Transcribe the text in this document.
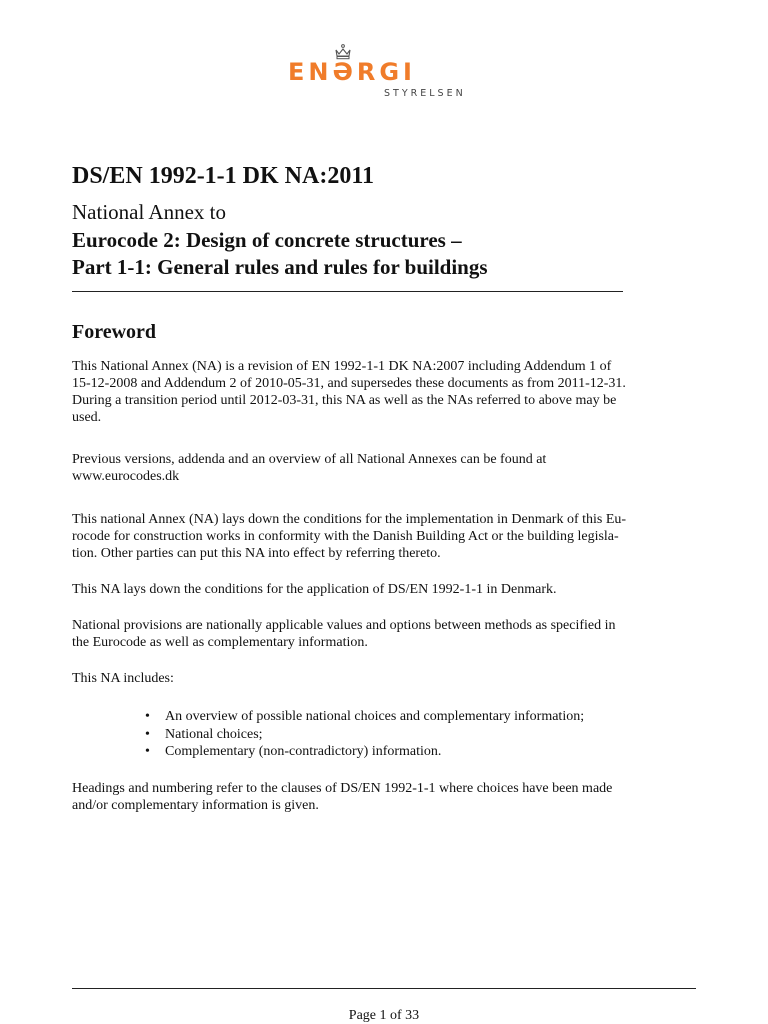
ENƏRGI
STYRELSEN
DS/EN 1992-1-1 DK NA:2011
National Annex to
Eurocode 2: Design of concrete structures –
Part 1-1: General rules and rules for buildings
Foreword

This National Annex (NA) is a revision of EN 1992-1-1 DK NA:2007 including Addendum 1 of
15-12-2008 and Addendum 2 of 2010-05-31, and supersedes these documents as from 2011-12-31.
During a transition period until 2012-03-31, this NA as well as the NAs referred to above may be
used.

Previous versions, addenda and an overview of all National Annexes can be found at
www.eurocodes.dk

This national Annex (NA) lays down the conditions for the implementation in Denmark of this Eu-
rocode for construction works in conformity with the Danish Building Act or the building legisla-
tion. Other parties can put this NA into effect by referring thereto.

This NA lays down the conditions for the application of DS/EN 1992-1-1 in Denmark.

National provisions are nationally applicable values and options between methods as specified in
the Eurocode as well as complementary information.

This NA includes:

• An overview of possible national choices and complementary information;
• National choices;
• Complementary (non-contradictory) information.

Headings and numbering refer to the clauses of DS/EN 1992-1-1 where choices have been made
and/or complementary information is given.

Page 1 of 33
